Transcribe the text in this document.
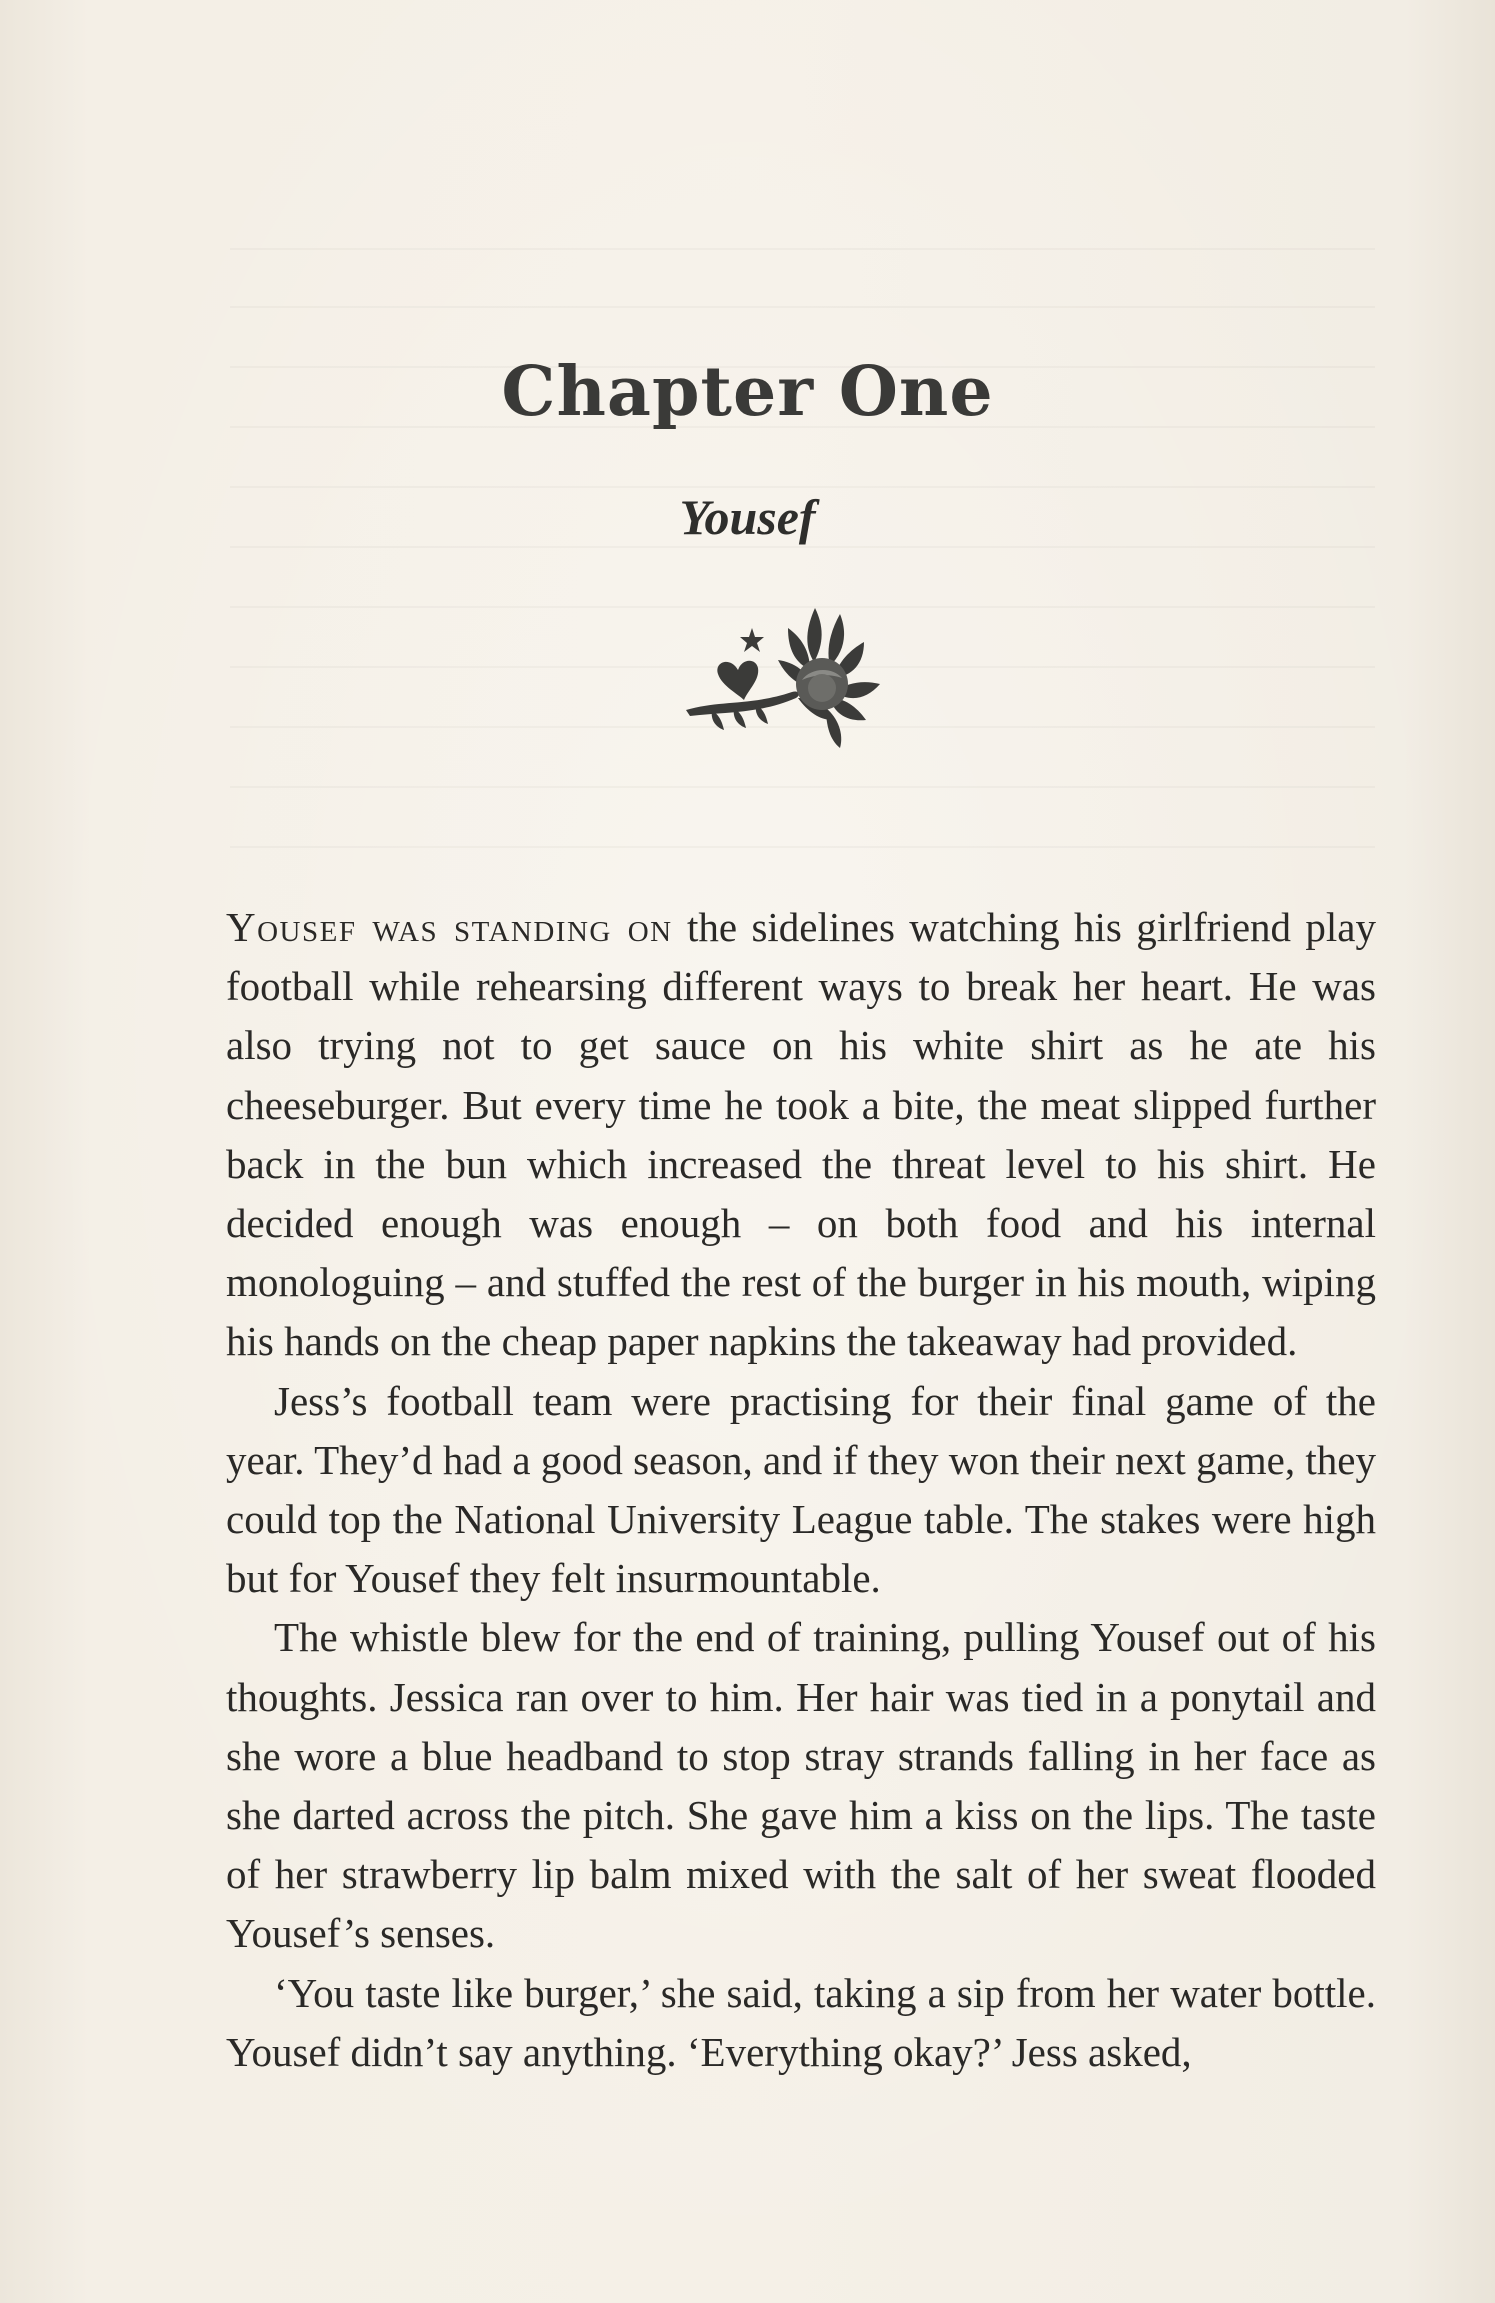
Chapter One
Yousef

Yousef was standing on the sidelines watching his girlfriend play football while rehearsing different ways to break her heart. He was also trying not to get sauce on his white shirt as he ate his cheeseburger. But every time he took a bite, the meat slipped further back in the bun which increased the threat level to his shirt. He decided enough was enough – on both food and his internal monologuing – and stuffed the rest of the burger in his mouth, wiping his hands on the cheap paper napkins the takeaway had provided.

Jess’s football team were practising for their final game of the year. They’d had a good season, and if they won their next game, they could top the National University League table. The stakes were high but for Yousef they felt insurmountable.

The whistle blew for the end of training, pulling Yousef out of his thoughts. Jessica ran over to him. Her hair was tied in a ponytail and she wore a blue headband to stop stray strands falling in her face as she darted across the pitch. She gave him a kiss on the lips. The taste of her strawberry lip balm mixed with the salt of her sweat flooded Yousef’s senses.

‘You taste like burger,’ she said, taking a sip from her water bottle. Yousef didn’t say anything. ‘Everything okay?’ Jess asked,
